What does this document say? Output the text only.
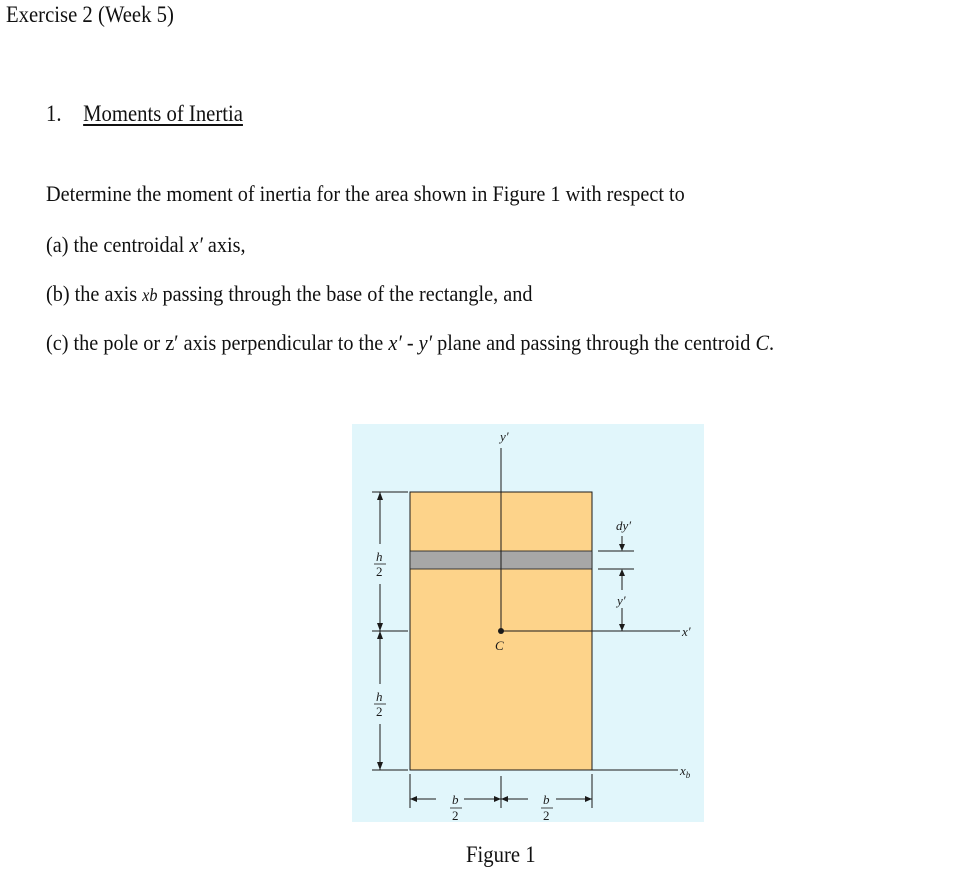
Exercise 2 (Week 5)
1. Moments of Inertia
Determine the moment of inertia for the area shown in Figure 1 with respect to
(a) the centroidal x′ axis,
(b) the axis xb passing through the base of the rectangle, and
(c) the pole or z′ axis perpendicular to the x′ - y′ plane and passing through the centroid C.
y′
x′
$x_b$
C
dy′
y′
h
2
h
2
b
2
b
2
Figure 1
